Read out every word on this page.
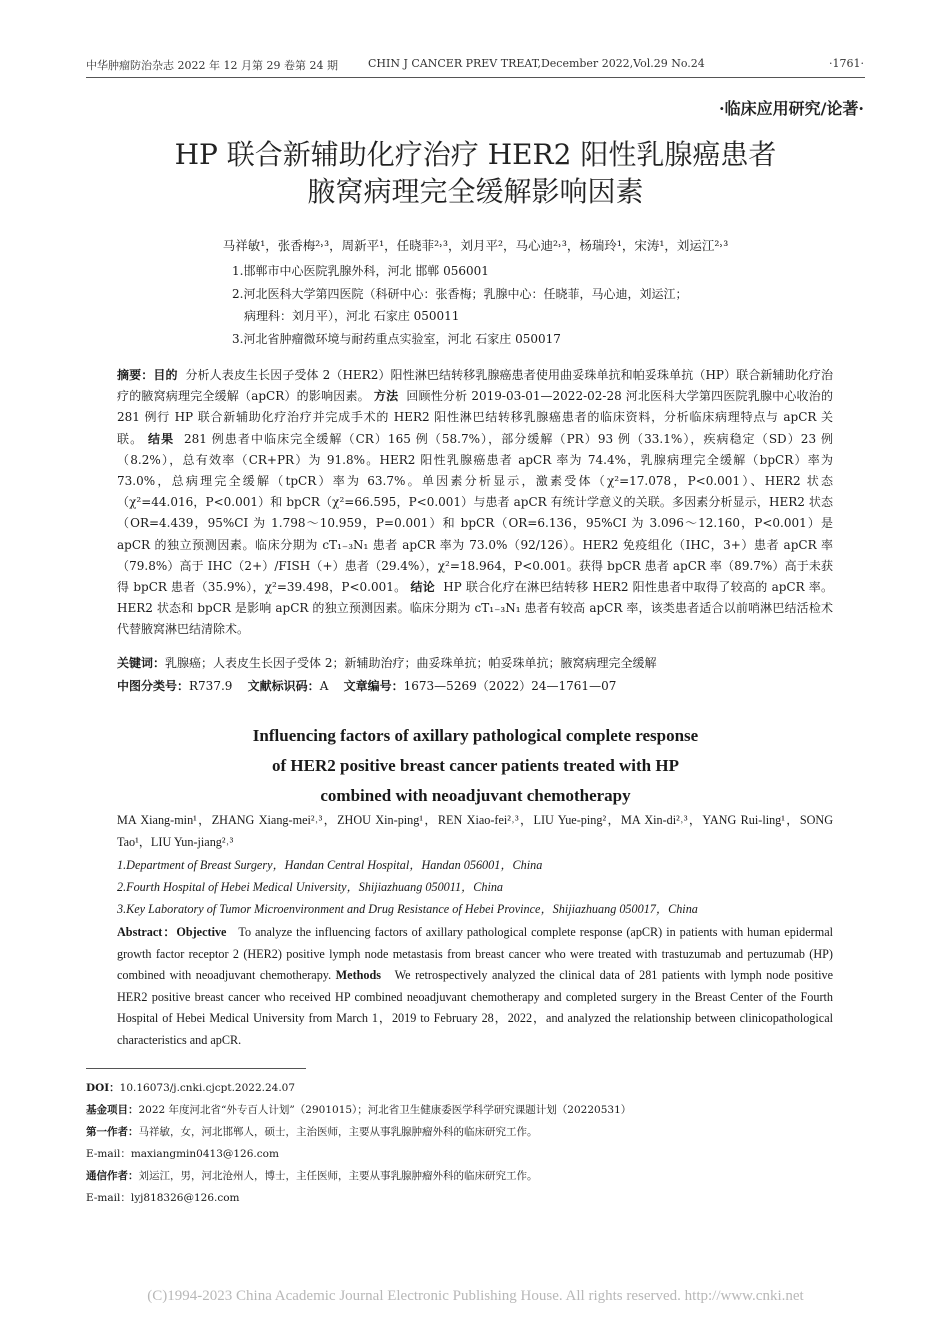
中华肿瘤防治杂志 2022 年 12 月第 29 卷第 24 期	CHIN J CANCER PREV TREAT,December 2022,Vol.29 No.24	·1761·
·临床应用研究/论著·
HP 联合新辅助化疗治疗 HER2 阳性乳腺癌患者
腋窝病理完全缓解影响因素
马祥敏¹，张香梅²˒³，周新平¹，任晓菲²˒³，刘月平²，马心迪²˒³，杨瑞玲¹，宋涛¹，刘运江²˒³
1.邯郸市中心医院乳腺外科，河北 邯郸 056001
2.河北医科大学第四医院（科研中心：张香梅；乳腺中心：任晓菲，马心迪，刘运江；
病理科：刘月平），河北 石家庄 050011
3.河北省肿瘤微环境与耐药重点实验室，河北 石家庄 050017
摘要：目的 分析人表皮生长因子受体 2（HER2）阳性淋巴结转移乳腺癌患者使用曲妥珠单抗和帕妥珠单抗（HP）联合新辅助化疗治疗的腋窝病理完全缓解（apCR）的影响因素。 方法 回顾性分析 2019-03-01—2022-02-28 河北医科大学第四医院乳腺中心收治的 281 例行 HP 联合新辅助化疗治疗并完成手术的 HER2 阳性淋巴结转移乳腺癌患者的临床资料，分析临床病理特点与 apCR 关联。 结果 281 例患者中临床完全缓解（CR）165 例（58.7%），部分缓解（PR）93 例（33.1%），疾病稳定（SD）23 例（8.2%），总有效率（CR+PR）为 91.8%。HER2 阳性乳腺癌患者 apCR 率为 74.4%，乳腺病理完全缓解（bpCR）率为 73.0%，总病理完全缓解（tpCR）率为 63.7%。单因素分析显示，激素受体（χ²=17.078，P<0.001）、HER2 状态（χ²=44.016，P<0.001）和 bpCR（χ²=66.595，P<0.001）与患者 apCR 有统计学意义的关联。多因素分析显示，HER2 状态（OR=4.439，95%CI 为 1.798～10.959，P=0.001）和 bpCR（OR=6.136，95%CI 为 3.096～12.160，P<0.001）是 apCR 的独立预测因素。临床分期为 cT₁₋₃N₁ 患者 apCR 率为 73.0%（92/126）。HER2 免疫组化（IHC，3+）患者 apCR 率（79.8%）高于 IHC（2+）/FISH（+）患者（29.4%），χ²=18.964，P<0.001。获得 bpCR 患者 apCR 率（89.7%）高于未获得 bpCR 患者（35.9%），χ²=39.498，P<0.001。 结论 HP 联合化疗在淋巴结转移 HER2 阳性患者中取得了较高的 apCR 率。HER2 状态和 bpCR 是影响 apCR 的独立预测因素。临床分期为 cT₁₋₃N₁ 患者有较高 apCR 率，该类患者适合以前哨淋巴结活检术代替腋窝淋巴结清除术。
关键词：乳腺癌；人表皮生长因子受体 2；新辅助治疗；曲妥珠单抗；帕妥珠单抗；腋窝病理完全缓解
中图分类号：R737.9 文献标识码：A 文章编号：1673—5269（2022）24—1761—07
Influencing factors of axillary pathological complete response
of HER2 positive breast cancer patients treated with HP
combined with neoadjuvant chemotherapy
MA Xiang-min¹，ZHANG Xiang-mei²˒³，ZHOU Xin-ping¹，REN Xiao-fei²˒³，LIU Yue-ping²，MA Xin-di²˒³，YANG Rui-ling¹，SONG Tao¹，LIU Yun-jiang²˒³
1.Department of Breast Surgery，Handan Central Hospital，Handan 056001，China
2.Fourth Hospital of Hebei Medical University，Shijiazhuang 050011，China
3.Key Laboratory of Tumor Microenvironment and Drug Resistance of Hebei Province，Shijiazhuang 050017，China
Abstract：Objective To analyze the influencing factors of axillary pathological complete response (apCR) in patients with human epidermal growth factor receptor 2 (HER2) positive lymph node metastasis from breast cancer who were treated with trastuzumab and pertuzumab (HP) combined with neoadjuvant chemotherapy. Methods We retrospectively analyzed the clinical data of 281 patients with lymph node positive HER2 positive breast cancer who received HP combined neoadjuvant chemotherapy and completed surgery in the Breast Center of the Fourth Hospital of Hebei Medical University from March 1，2019 to February 28，2022，and analyzed the relationship between clinicopathological characteristics and apCR.
DOI：10.16073/j.cnki.cjcpt.2022.24.07
基金项目：2022 年度河北省“外专百人计划”（2901015）；河北省卫生健康委医学科学研究课题计划（20220531）
第一作者：马祥敏，女，河北邯郸人，硕士，主治医师，主要从事乳腺肿瘤外科的临床研究工作。
E-mail：maxiangmin0413@126.com
通信作者：刘运江，男，河北沧州人，博士，主任医师，主要从事乳腺肿瘤外科的临床研究工作。
E-mail：lyj818326@126.com
(C)1994-2023 China Academic Journal Electronic Publishing House. All rights reserved. http://www.cnki.net
